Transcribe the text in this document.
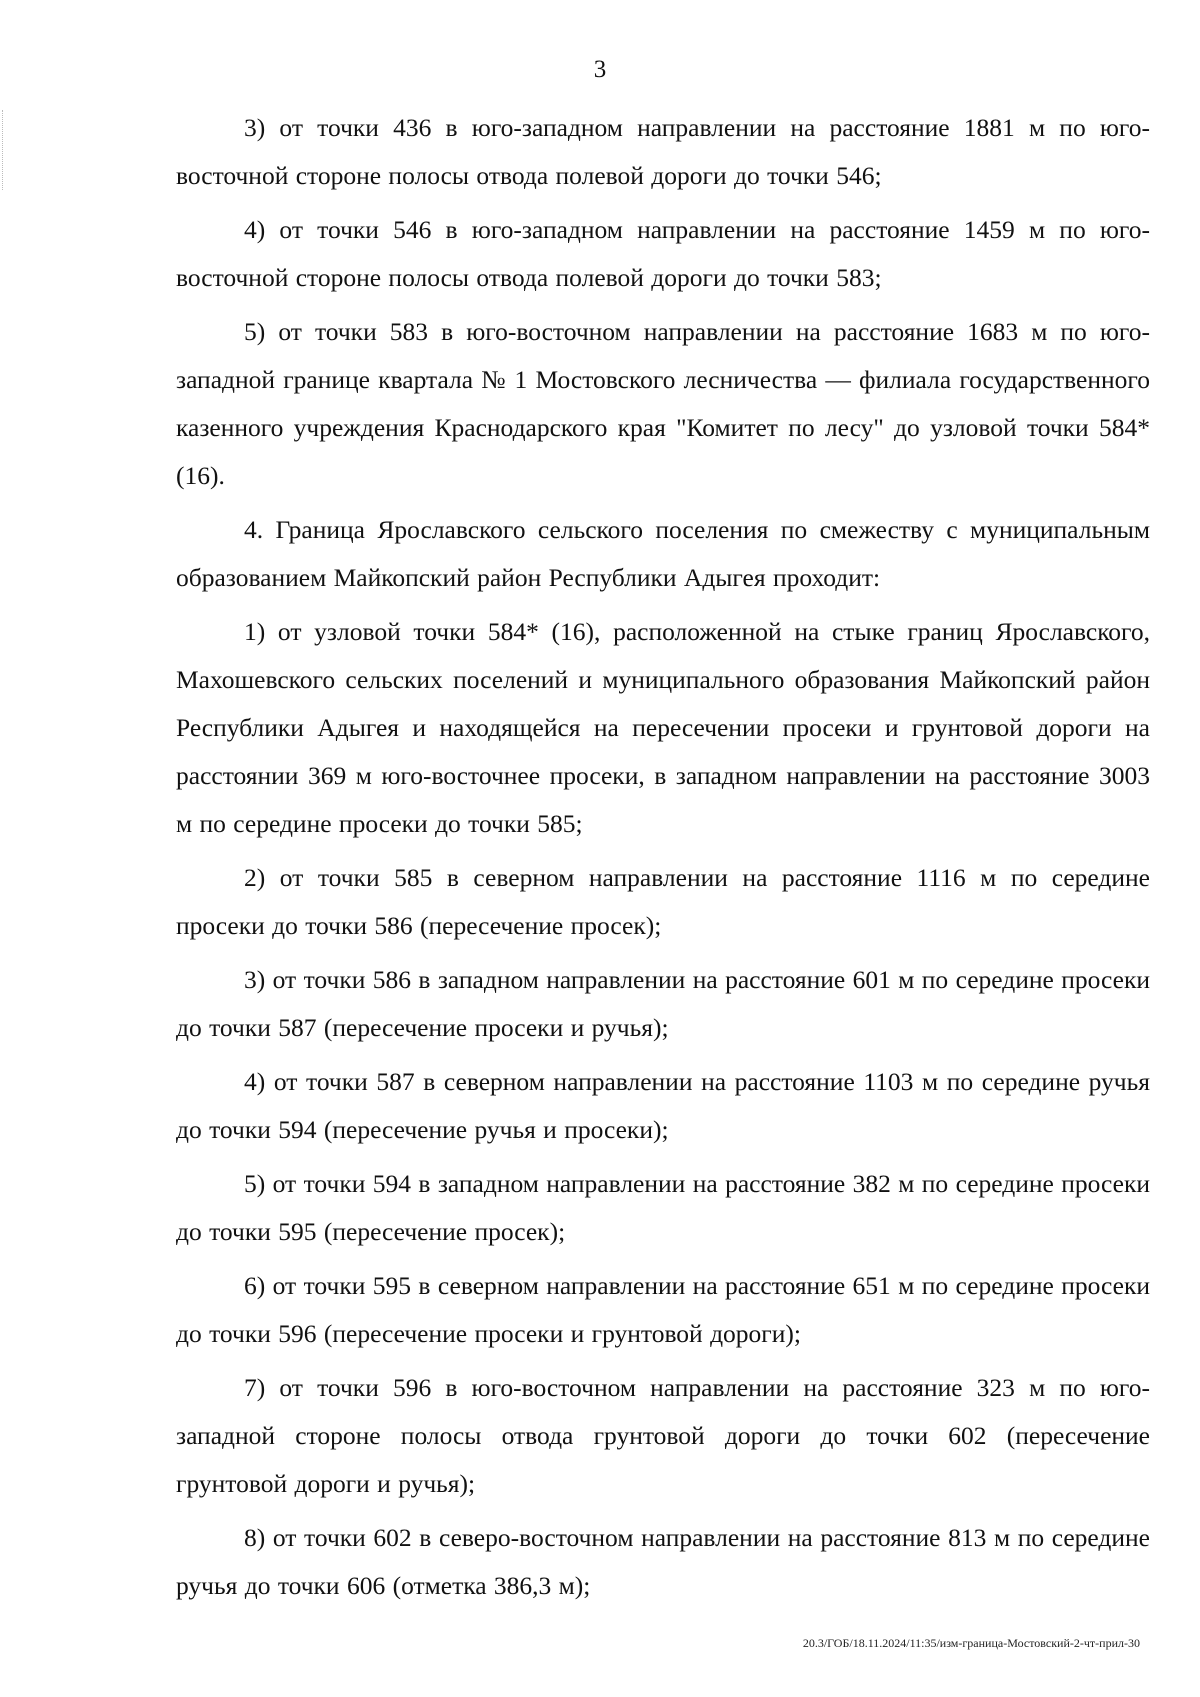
3

3) от точки 436 в юго-западном направлении на расстояние 1881 м по юго-восточной стороне полосы отвода полевой дороги до точки 546;

4) от точки 546 в юго-западном направлении на расстояние 1459 м по юго-восточной стороне полосы отвода полевой дороги до точки 583;

5) от точки 583 в юго-восточном направлении на расстояние 1683 м по юго-западной границе квартала № 1 Мостовского лесничества — филиала государственного казенного учреждения Краснодарского края "Комитет по лесу" до узловой точки 584* (16).

4. Граница Ярославского сельского поселения по смежеству с муниципальным образованием Майкопский район Республики Адыгея проходит:

1) от узловой точки 584* (16), расположенной на стыке границ Ярославского, Махошевского сельских поселений и муниципального образования Майкопский район Республики Адыгея и находящейся на пересечении просеки и грунтовой дороги на расстоянии 369 м юго-восточнее просеки, в западном направлении на расстояние 3003 м по середине просеки до точки 585;

2) от точки 585 в северном направлении на расстояние 1116 м по середине просеки до точки 586 (пересечение просек);

3) от точки 586 в западном направлении на расстояние 601 м по середине просеки до точки 587 (пересечение просеки и ручья);

4) от точки 587 в северном направлении на расстояние 1103 м по середине ручья до точки 594 (пересечение ручья и просеки);

5) от точки 594 в западном направлении на расстояние 382 м по середине просеки до точки 595 (пересечение просек);

6) от точки 595 в северном направлении на расстояние 651 м по середине просеки до точки 596 (пересечение просеки и грунтовой дороги);

7) от точки 596 в юго-восточном направлении на расстояние 323 м по юго-западной стороне полосы отвода грунтовой дороги до точки 602 (пересечение грунтовой дороги и ручья);

8) от точки 602 в северо-восточном направлении на расстояние 813 м по середине ручья до точки 606 (отметка 386,3 м);

20.3/ГОБ/18.11.2024/11:35/изм-граница-Мостовский-2-чт-прил-30
